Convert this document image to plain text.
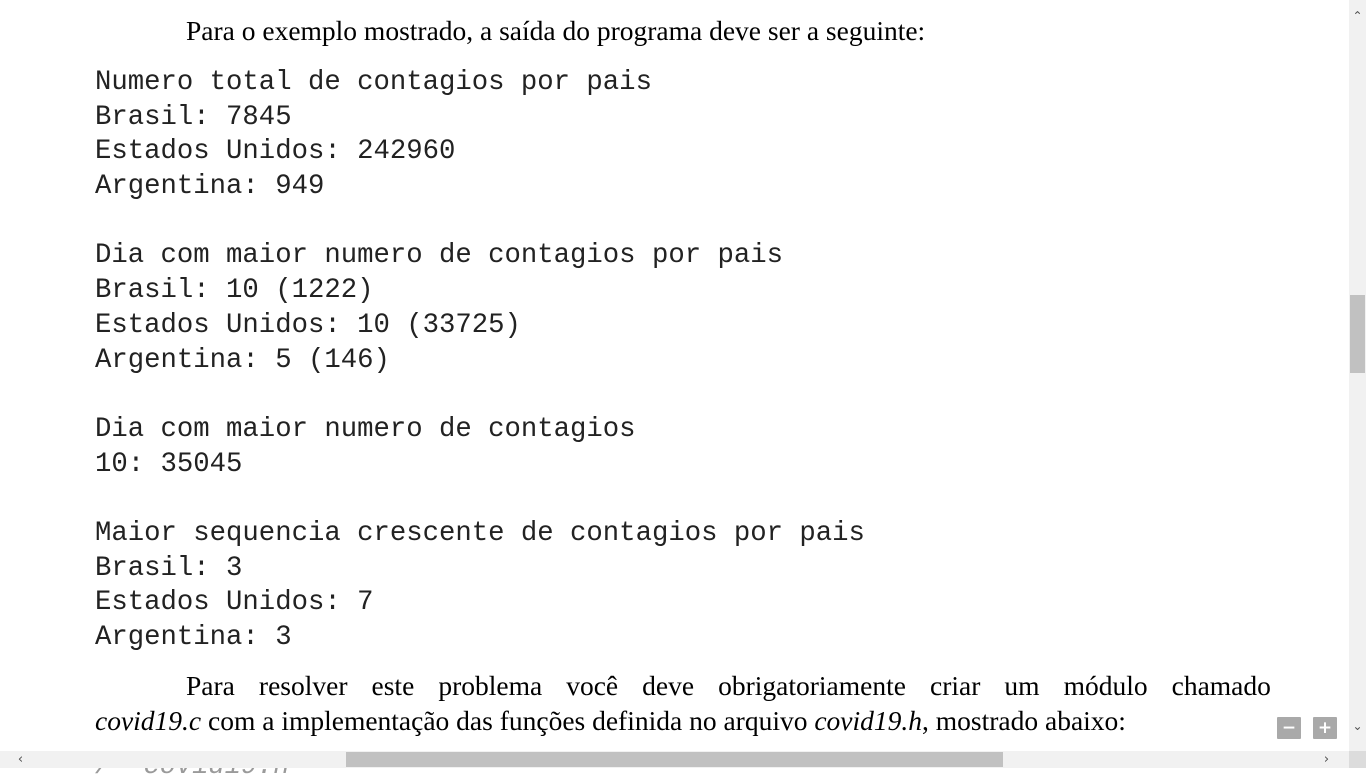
Para o exemplo mostrado, a saída do programa deve ser a seguinte:
Numero total de contagios por pais
Brasil: 7845
Estados Unidos: 242960
Argentina: 949
Dia com maior numero de contagios por pais
Brasil: 10 (1222)
Estados Unidos: 10 (33725)
Argentina: 5 (146)
Dia com maior numero de contagios
10: 35045
Maior sequencia crescente de contagios por pais
Brasil: 3
Estados Unidos: 7
Argentina: 3
Para resolver este problema você deve obrigatoriamente criar um módulo chamado
covid19.c com a implementação das funções definida no arquivo covid19.h, mostrado abaixo:	− +
⌃
⌄
‹	›
